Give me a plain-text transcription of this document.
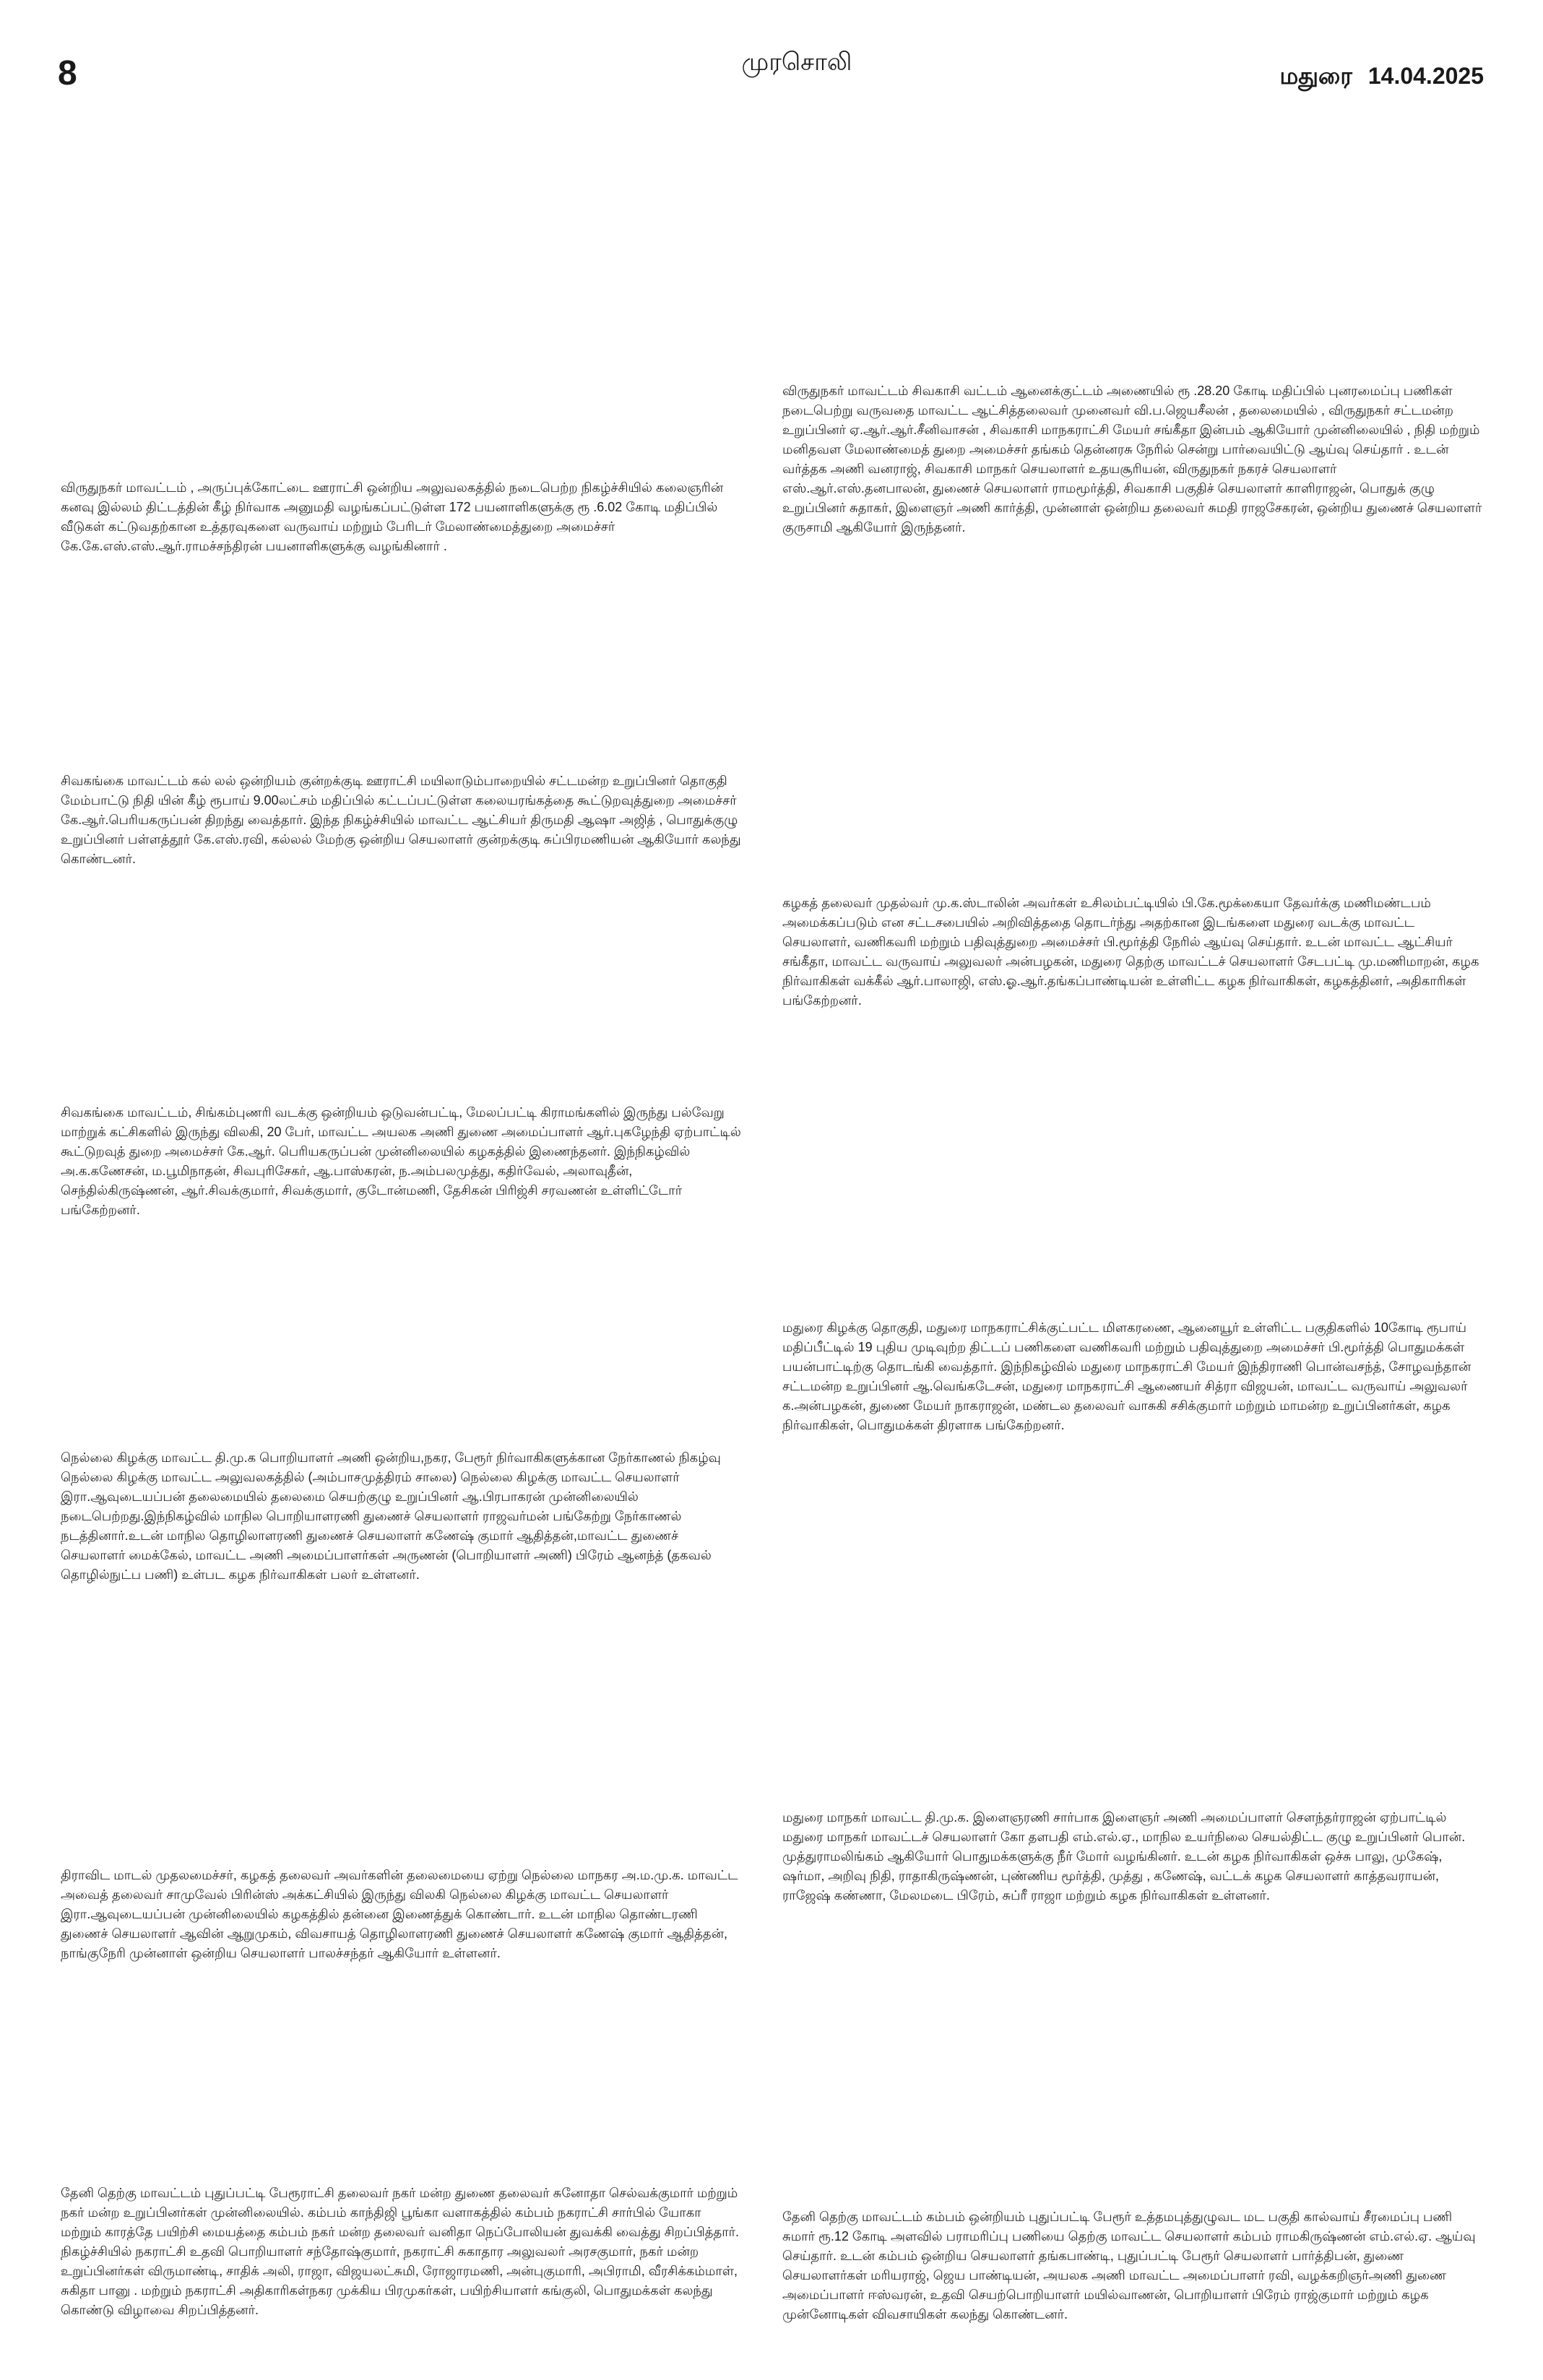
8	முரசொலி	மதுரை 14.04.2025

விருதுநகர் மாவட்டம் சிவகாசி வட்டம் ஆனைக்குட்டம் அணையில் ரூ .28.20 கோடி மதிப்பில் புனரமைப்பு பணிகள் நடைபெற்று வருவதை மாவட்ட ஆட்சித்தலைவர் முனைவர் வி.ப.ஜெயசீலன் , தலைமையில் , விருதுநகர் சட்டமன்ற உறுப்பினர் ஏ.ஆர்.ஆர்.சீனிவாசன் , சிவகாசி மாநகராட்சி மேயர் சங்கீதா இன்பம் ஆகியோர் முன்னிலையில் , நிதி மற்றும் மனிதவள மேலாண்மைத் துறை அமைச்சர் தங்கம் தென்னரசு நேரில் சென்று பார்வையிட்டு ஆய்வு செய்தார் . உடன் வர்த்தக அணி வனராஜ், சிவகாசி மாநகர் செயலாளர் உதயசூரியன், விருதுநகர் நகரச் செயலாளர் எஸ்.ஆர்.எஸ்.தனபாலன், துணைச் செயலாளர் ராமமூர்த்தி, சிவகாசி பகுதிச் செயலாளர் காளிராஜன், பொதுக் குழு உறுப்பினர் சுதாகர், இளைஞர் அணி கார்த்தி, முன்னாள் ஒன்றிய தலைவர் சுமதி ராஜசேகரன், ஒன்றிய துணைச் செயலாளர் குருசாமி ஆகியோர் இருந்தனர்.

விருதுநகர் மாவட்டம் , அருப்புக்கோட்டை ஊராட்சி ஒன்றிய அலுவலகத்தில் நடைபெற்ற நிகழ்ச்சியில் கலைஞரின் கனவு இல்லம் திட்டத்தின் கீழ் நிர்வாக அனுமதி வழங்கப்பட்டுள்ள 172 பயனாளிகளுக்கு ரூ .6.02 கோடி மதிப்பில் வீடுகள் கட்டுவதற்கான உத்தரவுகளை வருவாய் மற்றும் பேரிடர் மேலாண்மைத்துறை அமைச்சர் கே.கே.எஸ்.எஸ்.ஆர்.ராமச்சந்திரன் பயனாளிகளுக்கு வழங்கினார் .

சிவகங்கை மாவட்டம் கல் லல் ஒன்றியம் குன்றக்குடி ஊராட்சி மயிலாடும்பாறையில் சட்டமன்ற உறுப்பினர் தொகுதி மேம்பாட்டு நிதி யின் கீழ் ரூபாய் 9.00லட்சம் மதிப்பில் கட்டப்பட்டுள்ள கலையரங்கத்தை கூட்டுறவுத்துறை அமைச்சர் கே.ஆர்.பெரியகருப்பன் திறந்து வைத்தார். இந்த நிகழ்ச்சியில் மாவட்ட ஆட்சியர் திருமதி ஆஷா அஜித் , பொதுக்குழு உறுப்பினர் பள்ளத்தூர் கே.எஸ்.ரவி, கல்லல் மேற்கு ஒன்றிய செயலாளர் குன்றக்குடி சுப்பிரமணியன் ஆகியோர் கலந்து கொண்டனர்.

கழகத் தலைவர் முதல்வர் மு.க.ஸ்டாலின் அவர்கள் உசிலம்பட்டியில் பி.கே.மூக்கையா தேவர்க்கு மணிமண்டபம் அமைக்கப்படும் என சட்டசபையில் அறிவித்ததை தொடர்ந்து அதற்கான இடங்களை மதுரை வடக்கு மாவட்ட செயலாளர், வணிகவரி மற்றும் பதிவுத்துறை அமைச்சர் பி.மூர்த்தி நேரில் ஆய்வு செய்தார். உடன் மாவட்ட ஆட்சியர் சங்கீதா, மாவட்ட வருவாய் அலுவலர் அன்பழகன், மதுரை தெற்கு மாவட்டச் செயலாளர் சேடபட்டி மு.மணிமாறன், கழக நிர்வாகிகள் வக்கீல் ஆர்.பாலாஜி, எஸ்.ஓ.ஆர்.தங்கப்பாண்டியன் உள்ளிட்ட கழக நிர்வாகிகள், கழகத்தினர், அதிகாரிகள் பங்கேற்றனர்.

சிவகங்கை மாவட்டம், சிங்கம்புணரி வடக்கு ஒன்றியம் ஒடுவன்பட்டி, மேலப்பட்டி கிராமங்களில் இருந்து பல்வேறு மாற்றுக் கட்சிகளில் இருந்து விலகி, 20 பேர், மாவட்ட அயலக அணி துணை அமைப்பாளர் ஆர்.புகழேந்தி ஏற்பாட்டில் கூட்டுறவுத் துறை அமைச்சர் கே.ஆர். பெரியகருப்பன் முன்னிலையில் கழகத்தில் இணைந்தனர். இந்நிகழ்வில் அ.க.கணேசன், ம.பூமிநாதன், சிவபுரிசேகர், ஆ.பாஸ்கரன், ந.அம்பலமுத்து, கதிர்வேல், அலாவுதீன், செந்தில்கிருஷ்ணன், ஆர்.சிவக்குமார், சிவக்குமார், குடோன்மணி, தேசிகன் பிரிஜ்சி சரவணன் உள்ளிட்டோர் பங்கேற்றனர்.

மதுரை கிழக்கு தொகுதி, மதுரை மாநகராட்சிக்குட்பட்ட மிளகரணை, ஆனையூர் உள்ளிட்ட பகுதிகளில் 10கோடி ரூபாய் மதிப்பீட்டில் 19 புதிய முடிவுற்ற திட்டப் பணிகளை வணிகவரி மற்றும் பதிவுத்துறை அமைச்சர் பி.மூர்த்தி பொதுமக்கள் பயன்பாட்டிற்கு தொடங்கி வைத்தார். இந்நிகழ்வில் மதுரை மாநகராட்சி மேயர் இந்திராணி பொன்வசந்த், சோழவந்தான் சட்டமன்ற உறுப்பினர் ஆ.வெங்கடேசன், மதுரை மாநகராட்சி ஆணையர் சித்ரா விஜயன், மாவட்ட வருவாய் அலுவலர் க.அன்பழகன், துணை மேயர் நாகராஜன், மண்டல தலைவர் வாசுகி சசிக்குமார் மற்றும் மாமன்ற உறுப்பினர்கள், கழக நிர்வாகிகள், பொதுமக்கள் திரளாக பங்கேற்றனர்.

நெல்லை கிழக்கு மாவட்ட தி.மு.க பொறியாளர் அணி ஒன்றிய,நகர, பேரூர் நிர்வாகிகளுக்கான நேர்காணல் நிகழ்வு நெல்லை கிழக்கு மாவட்ட அலுவலகத்தில் (அம்பாசமுத்திரம் சாலை) நெல்லை கிழக்கு மாவட்ட செயலாளர் இரா.ஆவுடையப்பன் தலைமையில் தலைமை செயற்குழு உறுப்பினர் ஆ.பிரபாகரன் முன்னிலையில் நடைபெற்றது.இந்நிகழ்வில் மாநில பொறியாளரணி துணைச் செயலாளர் ராஜவர்மன் பங்கேற்று நேர்காணல் நடத்தினார்.உடன் மாநில தொழிலாளரணி துணைச் செயலாளர் கணேஷ் குமார் ஆதித்தன்,மாவட்ட துணைச் செயலாளர் மைக்கேல், மாவட்ட அணி அமைப்பாளர்கள் அருணன் (பொறியாளர் அணி) பிரேம் ஆனந்த் (தகவல் தொழில்நுட்ப பணி) உள்பட கழக நிர்வாகிகள் பலர் உள்ளனர்.

மதுரை மாநகர் மாவட்ட தி.மு.க. இளைஞரணி சார்பாக இளைஞர் அணி அமைப்பாளர் சௌந்தர்ராஜன் ஏற்பாட்டில் மதுரை மாநகர் மாவட்டச் செயலாளர் கோ தளபதி எம்.எல்.ஏ., மாநில உயர்நிலை செயல்திட்ட குழு உறுப்பினர் பொன். முத்துராமலிங்கம் ஆகியோர் பொதுமக்களுக்கு நீர் மோர் வழங்கினர். உடன் கழக நிர்வாகிகள் ஒச்சு பாலு, முகேஷ், ஷர்மா, அறிவு நிதி, ராதாகிருஷ்ணன், புண்ணிய மூர்த்தி, முத்து , கணேஷ், வட்டக் கழக செயலாளர் காத்தவராயன், ராஜேஷ் கண்ணா, மேலமடை பிரேம், சுப்ரீ ராஜா மற்றும் கழக நிர்வாகிகள் உள்ளனர்.

திராவிட மாடல் முதலமைச்சர், கழகத் தலைவர் அவர்களின் தலைமையை ஏற்று நெல்லை மாநகர அ.ம.மு.க. மாவட்ட அவைத் தலைவர் சாமுவேல் பிரின்ஸ் அக்கட்சியில் இருந்து விலகி நெல்லை கிழக்கு மாவட்ட செயலாளர் இரா.ஆவுடையப்பன் முன்னிலையில் கழகத்தில் தன்னை இணைத்துக் கொண்டார். உடன் மாநில தொண்டரணி துணைச் செயலாளர் ஆவின் ஆறுமுகம், விவசாயத் தொழிலாளரணி துணைச் செயலாளர் கணேஷ் குமார் ஆதித்தன், நாங்குநேரி முன்னாள் ஒன்றிய செயலாளர் பாலச்சந்தர் ஆகியோர் உள்ளனர்.

தேனி தெற்கு மாவட்டம் புதுப்பட்டி பேரூராட்சி தலைவர் நகர் மன்ற துணை தலைவர் சுனோதா செல்வக்குமார் மற்றும் நகர் மன்ற உறுப்பினர்கள் முன்னிலையில். கம்பம் காந்திஜி பூங்கா வளாகத்தில் கம்பம் நகராட்சி சார்பில் யோகா மற்றும் காரத்தே பயிற்சி மையத்தை கம்பம் நகர் மன்ற தலைவர் வனிதா நெப்போலியன் துவக்கி வைத்து சிறப்பித்தார். நிகழ்ச்சியில் நகராட்சி உதவி பொறியாளர் சந்தோஷ்குமார், நகராட்சி சுகாதார அலுவலர் அரசகுமார், நகர் மன்ற உறுப்பினர்கள் விருமாண்டி, சாதிக் அலி, ராஜா, விஜயலட்சுமி, ரோஜாரமணி, அன்புகுமாரி, அபிராமி, வீரசிக்கம்மாள், சுகிதா பானு . மற்றும் நகராட்சி அதிகாரிகள்நகர முக்கிய பிரமுகர்கள், பயிற்சியாளர் கங்குலி, பொதுமக்கள் கலந்து கொண்டு விழாவை சிறப்பித்தனர்.

தேனி தெற்கு மாவட்டம் கம்பம் ஒன்றியம் புதுப்பட்டி பேரூர் உத்தமபுத்துழுவட மட பகுதி கால்வாய் சீரமைப்பு பணி சுமார் ரூ.12 கோடி அளவில் பராமரிப்பு பணியை தெற்கு மாவட்ட செயலாளர் கம்பம் ராமகிருஷ்ணன் எம்.எல்.ஏ. ஆய்வு செய்தார். உடன் கம்பம் ஒன்றிய செயலாளர் தங்கபாண்டி, புதுப்பட்டி பேரூர் செயலாளர் பார்த்திபன், துணை செயலாளர்கள் மரியராஜ், ஜெய பாண்டியன், அயலக அணி மாவட்ட அமைப்பாளர் ரவி, வழக்கறிஞர்அணி துணை அமைப்பாளர் ஈஸ்வரன், உதவி செயற்பொறியாளர் மயில்வாணன், பொறியாளர் பிரேம் ராஜ்குமார் மற்றும் கழக முன்னோடிகள் விவசாயிகள் கலந்து கொண்டனர்.
